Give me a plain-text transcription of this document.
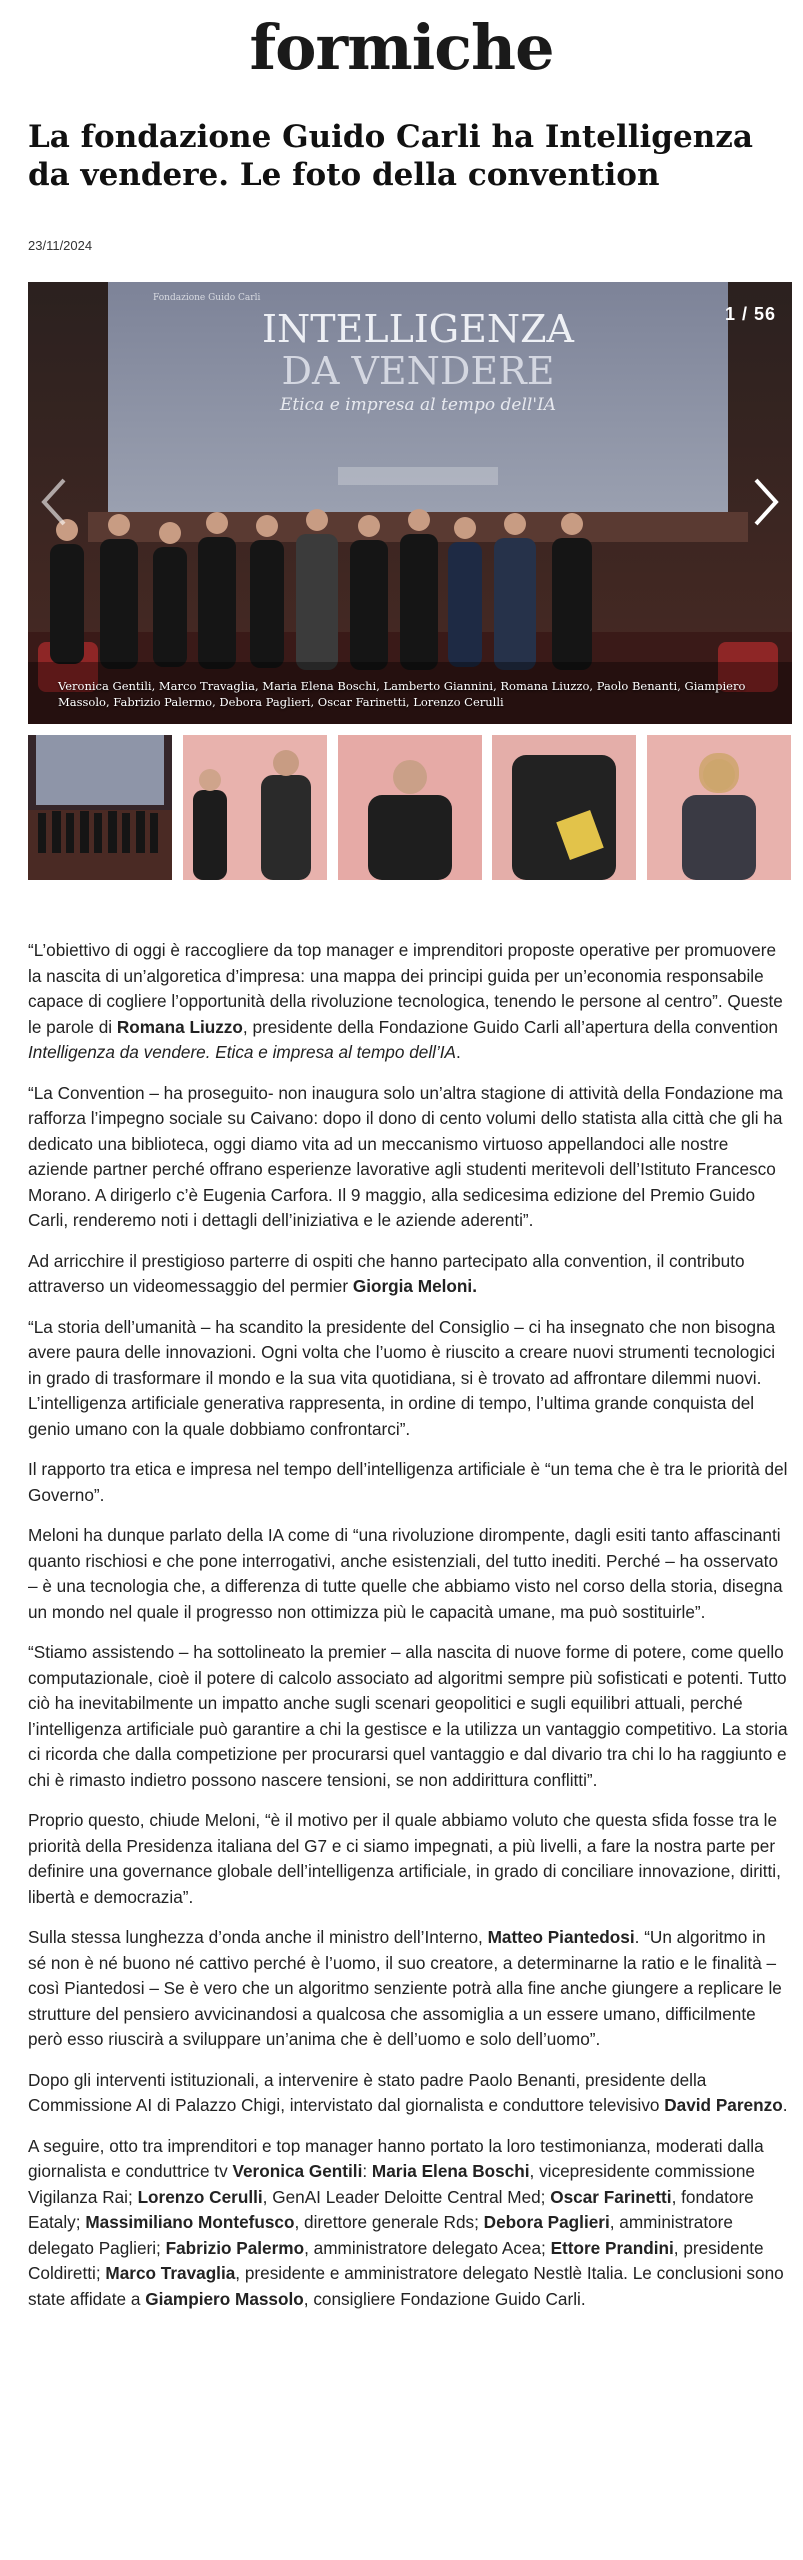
formiche
La fondazione Guido Carli ha Intelligenza da vendere. Le foto della convention
23/11/2024
Fondazione Guido Carli
INTELLIGENZA
DA VENDERE
Etica e impresa al tempo dell'IA
1 / 56
Veronica Gentili, Marco Travaglia, Maria Elena Boschi, Lamberto Giannini, Romana Liuzzo, Paolo Benanti, Giampiero Massolo, Fabrizio Palermo, Debora Paglieri, Oscar Farinetti, Lorenzo Cerulli

“L’obiettivo di oggi è raccogliere da top manager e imprenditori proposte operative per promuovere la nascita di un’algoretica d’impresa: una mappa dei principi guida per un’economia responsabile capace di cogliere l’opportunità della rivoluzione tecnologica, tenendo le persone al centro”. Queste le parole di Romana Liuzzo, presidente della Fondazione Guido Carli all’apertura della convention Intelligenza da vendere. Etica e impresa al tempo dell’IA.

“La Convention – ha proseguito- non inaugura solo un’altra stagione di attività della Fondazione ma rafforza l’impegno sociale su Caivano: dopo il dono di cento volumi dello statista alla città che gli ha dedicato una biblioteca, oggi diamo vita ad un meccanismo virtuoso appellandoci alle nostre aziende partner perché offrano esperienze lavorative agli studenti meritevoli dell’Istituto Francesco Morano. A dirigerlo c’è Eugenia Carfora. Il 9 maggio, alla sedicesima edizione del Premio Guido Carli, renderemo noti i dettagli dell’iniziativa e le aziende aderenti”.

Ad arricchire il prestigioso parterre di ospiti che hanno partecipato alla convention, il contributo attraverso un videomessaggio del permier Giorgia Meloni.

“La storia dell’umanità – ha scandito la presidente del Consiglio – ci ha insegnato che non bisogna avere paura delle innovazioni. Ogni volta che l’uomo è riuscito a creare nuovi strumenti tecnologici in grado di trasformare il mondo e la sua vita quotidiana, si è trovato ad affrontare dilemmi nuovi. L’intelligenza artificiale generativa rappresenta, in ordine di tempo, l’ultima grande conquista del genio umano con la quale dobbiamo confrontarci”.

Il rapporto tra etica e impresa nel tempo dell’intelligenza artificiale è “un tema che è tra le priorità del Governo”.

Meloni ha dunque parlato della IA come di “una rivoluzione dirompente, dagli esiti tanto affascinanti quanto rischiosi e che pone interrogativi, anche esistenziali, del tutto inediti. Perché – ha osservato – è una tecnologia che, a differenza di tutte quelle che abbiamo visto nel corso della storia, disegna un mondo nel quale il progresso non ottimizza più le capacità umane, ma può sostituirle”.

“Stiamo assistendo – ha sottolineato la premier – alla nascita di nuove forme di potere, come quello computazionale, cioè il potere di calcolo associato ad algoritmi sempre più sofisticati e potenti. Tutto ciò ha inevitabilmente un impatto anche sugli scenari geopolitici e sugli equilibri attuali, perché l’intelligenza artificiale può garantire a chi la gestisce e la utilizza un vantaggio competitivo. La storia ci ricorda che dalla competizione per procurarsi quel vantaggio e dal divario tra chi lo ha raggiunto e chi è rimasto indietro possono nascere tensioni, se non addirittura conflitti”.

Proprio questo, chiude Meloni, “è il motivo per il quale abbiamo voluto che questa sfida fosse tra le priorità della Presidenza italiana del G7 e ci siamo impegnati, a più livelli, a fare la nostra parte per definire una governance globale dell’intelligenza artificiale, in grado di conciliare innovazione, diritti, libertà e democrazia”.

Sulla stessa lunghezza d’onda anche il ministro dell’Interno, Matteo Piantedosi. “Un algoritmo in sé non è né buono né cattivo perché è l’uomo, il suo creatore, a determinarne la ratio e le finalità – così Piantedosi – Se è vero che un algoritmo senziente potrà alla fine anche giungere a replicare le strutture del pensiero avvicinandosi a qualcosa che assomiglia a un essere umano, difficilmente però esso riuscirà a sviluppare un’anima che è dell’uomo e solo dell’uomo”.

Dopo gli interventi istituzionali, a intervenire è stato padre Paolo Benanti, presidente della Commissione AI di Palazzo Chigi, intervistato dal giornalista e conduttore televisivo David Parenzo.

A seguire, otto tra imprenditori e top manager hanno portato la loro testimonianza, moderati dalla giornalista e conduttrice tv Veronica Gentili: Maria Elena Boschi, vicepresidente commissione Vigilanza Rai; Lorenzo Cerulli, GenAI Leader Deloitte Central Med; Oscar Farinetti, fondatore Eataly; Massimiliano Montefusco, direttore generale Rds; Debora Paglieri, amministratore delegato Paglieri; Fabrizio Palermo, amministratore delegato Acea; Ettore Prandini, presidente Coldiretti; Marco Travaglia, presidente e amministratore delegato Nestlè Italia. Le conclusioni sono state affidate a Giampiero Massolo, consigliere Fondazione Guido Carli.
